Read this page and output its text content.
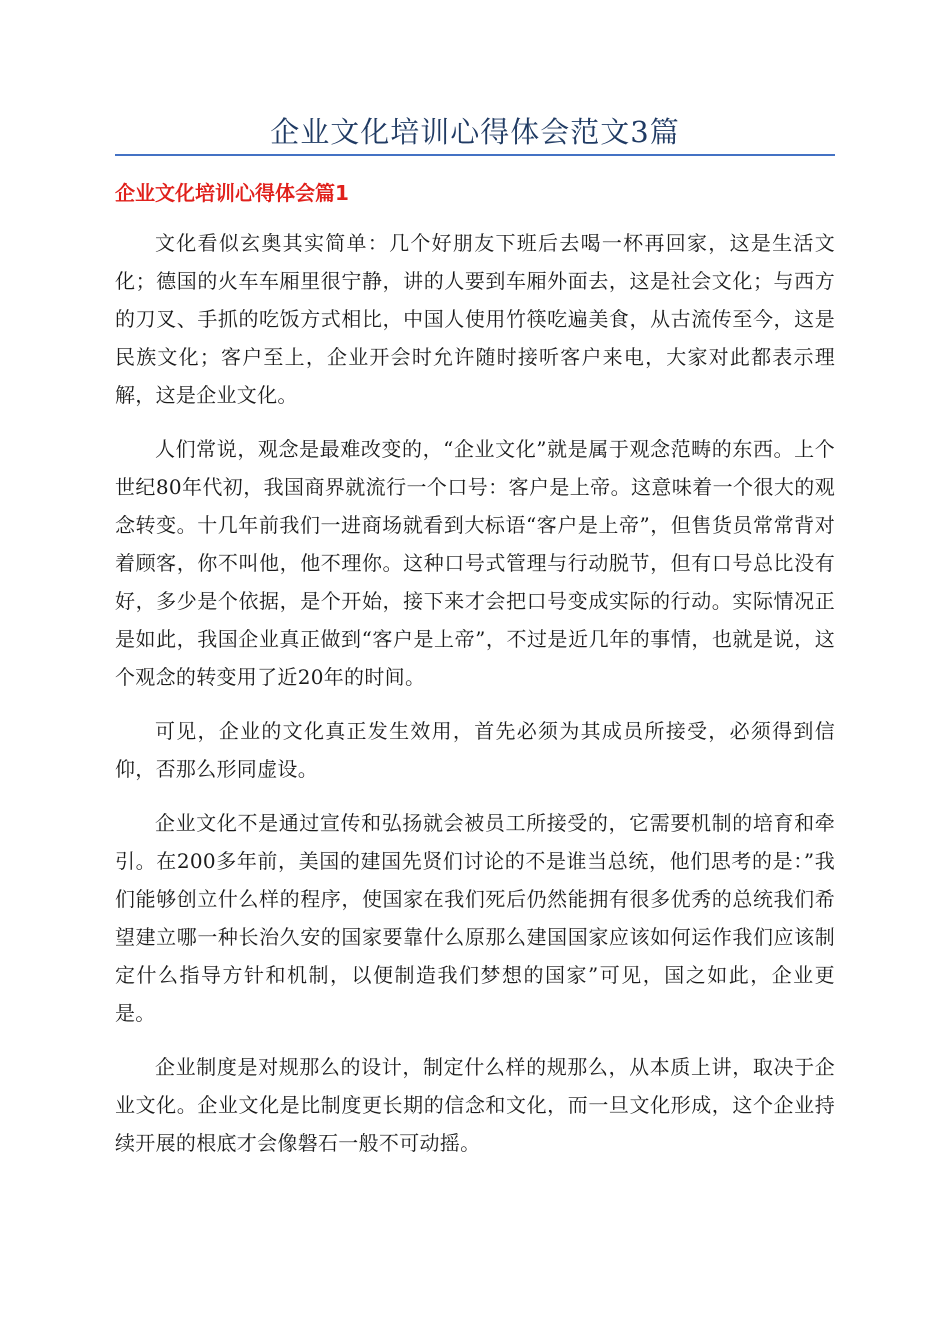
企业文化培训心得体会范文3篇
企业文化培训心得体会篇1

文化看似玄奥其实简单：几个好朋友下班后去喝一杯再回家，这是生活文化；德国的火车车厢里很宁静，讲的人要到车厢外面去，这是社会文化；与西方的刀叉、手抓的吃饭方式相比，中国人使用竹筷吃遍美食，从古流传至今，这是民族文化；客户至上，企业开会时允许随时接听客户来电，大家对此都表示理解，这是企业文化。

人们常说，观念是最难改变的，“企业文化”就是属于观念范畴的东西。上个世纪80年代初，我国商界就流行一个口号：客户是上帝。这意味着一个很大的观念转变。十几年前我们一进商场就看到大标语“客户是上帝”，但售货员常常背对着顾客，你不叫他，他不理你。这种口号式管理与行动脱节，但有口号总比没有好，多少是个依据，是个开始，接下来才会把口号变成实际的行动。实际情况正是如此，我国企业真正做到“客户是上帝”，不过是近几年的事情，也就是说，这个观念的转变用了近20年的时间。

可见，企业的文化真正发生效用，首先必须为其成员所接受，必须得到信仰，否那么形同虚设。

企业文化不是通过宣传和弘扬就会被员工所接受的，它需要机制的培育和牵引。在200多年前，美国的建国先贤们讨论的不是谁当总统，他们思考的是：”我们能够创立什么样的程序，使国家在我们死后仍然能拥有很多优秀的总统我们希望建立哪一种长治久安的国家要靠什么原那么建国国家应该如何运作我们应该制定什么指导方针和机制，以便制造我们梦想的国家”可见，国之如此，企业更是。

企业制度是对规那么的设计，制定什么样的规那么，从本质上讲，取决于企业文化。企业文化是比制度更长期的信念和文化，而一旦文化形成，这个企业持续开展的根底才会像磐石一般不可动摇。
